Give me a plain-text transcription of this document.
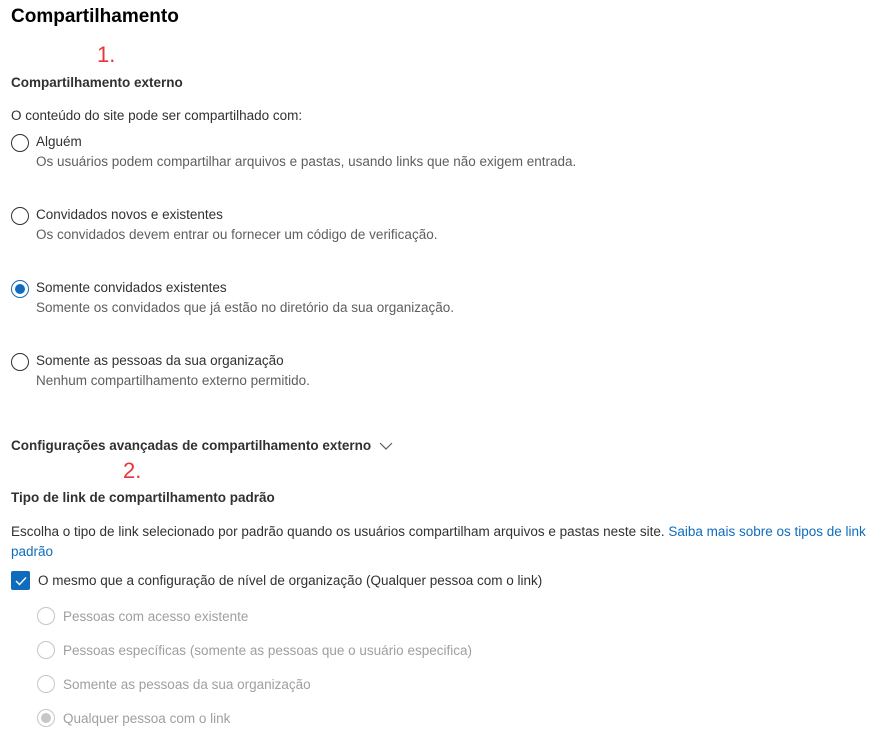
Compartilhamento
1.
Compartilhamento externo
O conteúdo do site pode ser compartilhado com:
Alguém
Os usuários podem compartilhar arquivos e pastas, usando links que não exigem entrada.
Convidados novos e existentes
Os convidados devem entrar ou fornecer um código de verificação.
Somente convidados existentes
Somente os convidados que já estão no diretório da sua organização.
Somente as pessoas da sua organização
Nenhum compartilhamento externo permitido.
Configurações avançadas de compartilhamento externo
2.
Tipo de link de compartilhamento padrão
Escolha o tipo de link selecionado por padrão quando os usuários compartilham arquivos e pastas neste site. Saiba mais sobre os tipos de link padrão
O mesmo que a configuração de nível de organização (Qualquer pessoa com o link)
Pessoas com acesso existente
Pessoas específicas (somente as pessoas que o usuário especifica)
Somente as pessoas da sua organização
Qualquer pessoa com o link
